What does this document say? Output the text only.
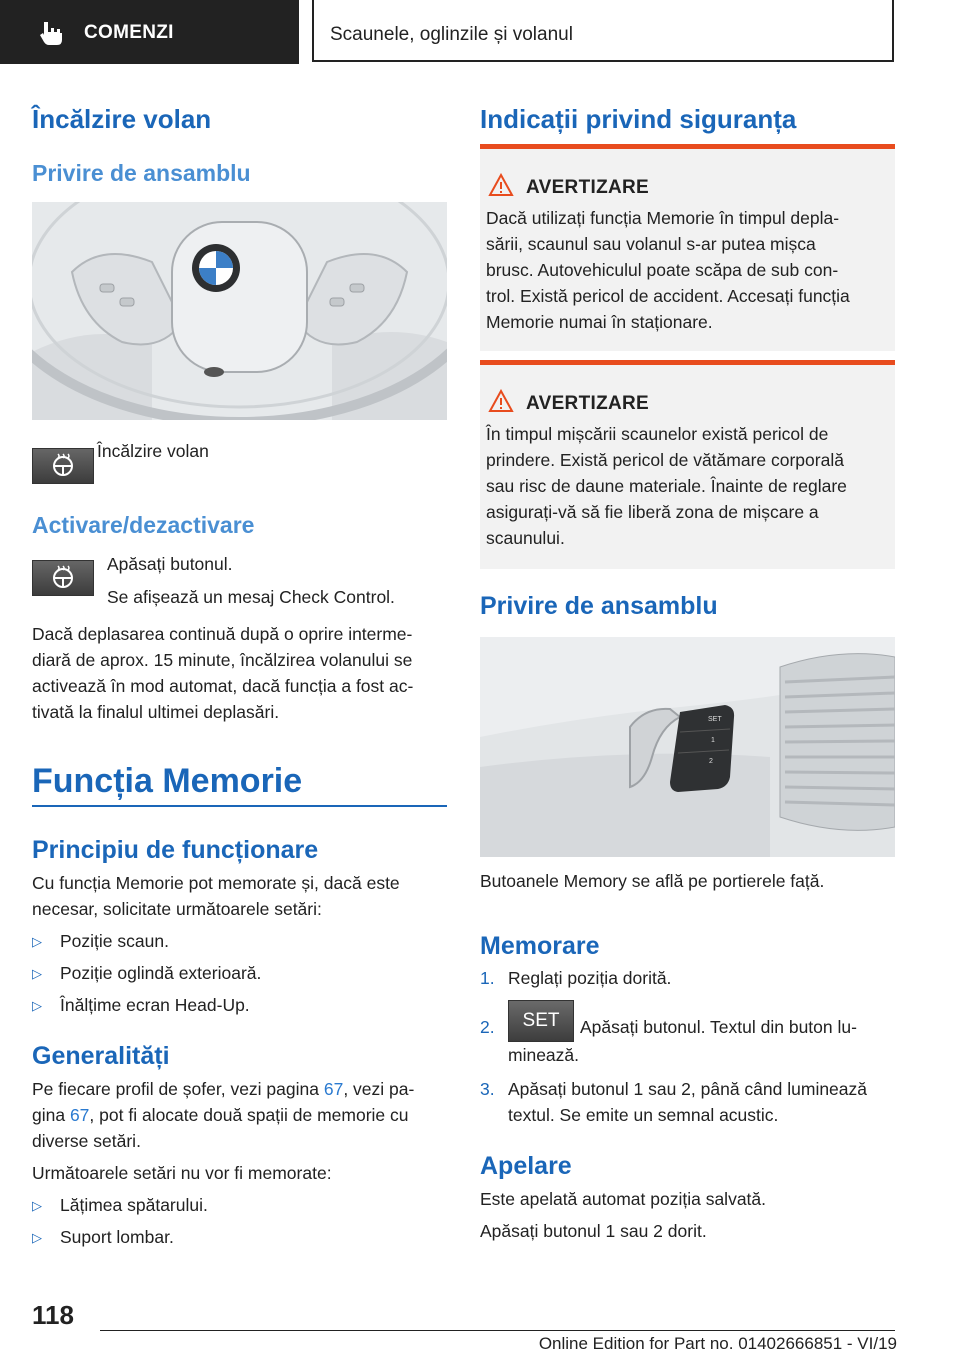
COMENZI	Scaunele, oglinzile și volanul
Încălzire volan
Privire de ansamblu

Încălzire volan

Activare/dezactivare

Apăsați butonul.

Se afișează un mesaj Check Control.

Dacă deplasarea continuă după o oprire interme-

diară de aprox. 15 minute, încălzirea volanului se

activează în mod automat, dacă funcția a fost ac-

tivată la finalul ultimei deplasări.

Funcția Memorie
Principiu de funcționare

Cu funcția Memorie pot memorate și, dacă este

necesar, solicitate următoarele setări:

▷	Poziție scaun.

▷	Poziție oglindă exterioară.

▷	Înălțime ecran Head-Up.

Generalități

Pe fiecare profil de șofer, vezi pagina 67, vezi pa-

gina 67, pot fi alocate două spații de memorie cu

diverse setări.

Următoarele setări nu vor fi memorate:

▷	Lățimea spătarului.

▷	Suport lombar.

Indicații privind siguranța
AVERTIZARE

Dacă utilizați funcția Memorie în timpul depla-

sării, scaunul sau volanul s-ar putea mișca

brusc. Autovehiculul poate scăpa de sub con-

trol. Există pericol de accident. Accesați funcția

Memorie numai în staționare.

AVERTIZARE

În timpul mișcării scaunelor există pericol de

prindere. Există pericol de vătămare corporală

sau risc de daune materiale. Înainte de reglare

asigurați-vă să fie liberă zona de mișcare a

scaunului.

Privire de ansamblu
SET
1
2

Butoanele Memory se află pe portierele față.

Memorare
1. Reglați poziția dorită.

SET

2.	Apăsați butonul. Textul din buton lu-

minează.

3. Apăsați butonul 1 sau 2, până când luminează

textul. Se emite un semnal acustic.

Apelare

Este apelată automat poziția salvată.

Apăsați butonul 1 sau 2 dorit.

118
Online Edition for Part no. 01402666851 - VI/19
